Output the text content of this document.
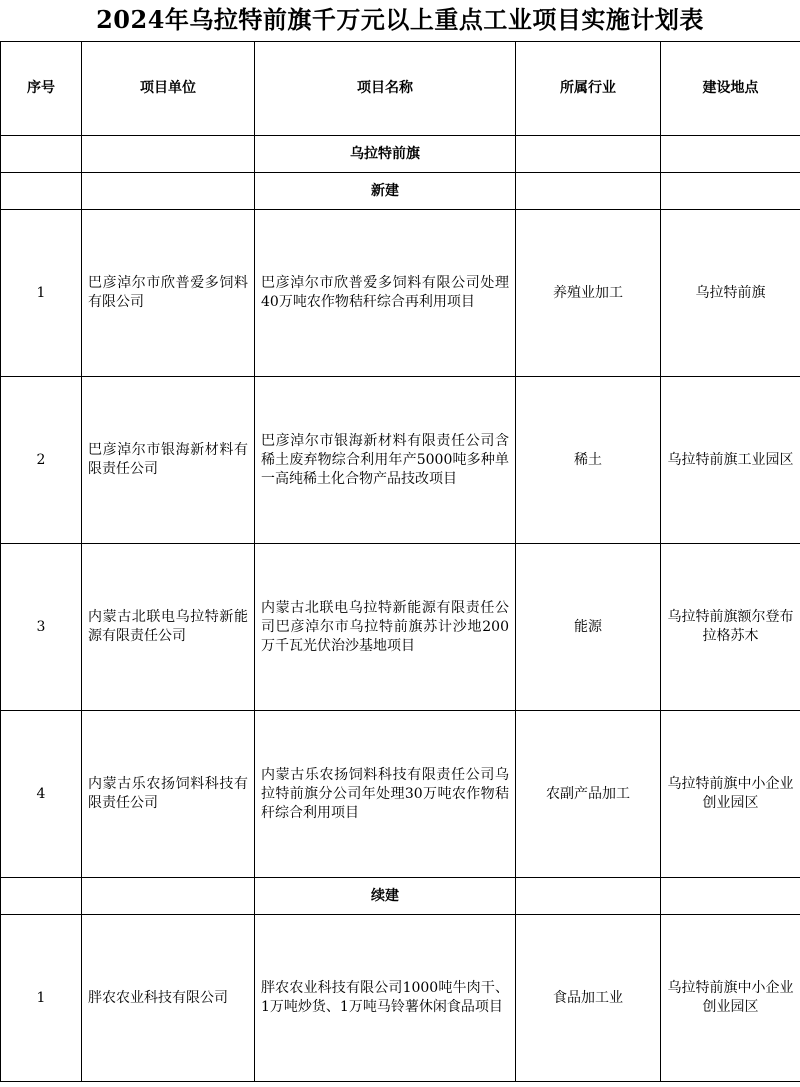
2024年乌拉特前旗千万元以上重点工业项目实施计划表
序号	项目单位	项目名称	所属行业	建设地点
		乌拉特前旗		
		新建		
1	巴彦淖尔市欣普爱多饲料有限公司	巴彦淖尔市欣普爱多饲料有限公司处理40万吨农作物秸秆综合再利用项目	养殖业加工	乌拉特前旗
2	巴彦淖尔市银海新材料有限责任公司	巴彦淖尔市银海新材料有限责任公司含稀土废弃物综合利用年产5000吨多种单一高纯稀土化合物产品技改项目	稀土	乌拉特前旗工业园区
3	内蒙古北联电乌拉特新能源有限责任公司	内蒙古北联电乌拉特新能源有限责任公司巴彦淖尔市乌拉特前旗苏计沙地200万千瓦光伏治沙基地项目	能源	乌拉特前旗额尔登布拉格苏木
4	内蒙古乐农扬饲料科技有限责任公司	内蒙古乐农扬饲料科技有限责任公司乌拉特前旗分公司年处理30万吨农作物秸秆综合利用项目	农副产品加工	乌拉特前旗中小企业创业园区
		续建		
1	胖农农业科技有限公司	胖农农业科技有限公司1000吨牛肉干、1万吨炒货、1万吨马铃薯休闲食品项目	食品加工业	乌拉特前旗中小企业创业园区
